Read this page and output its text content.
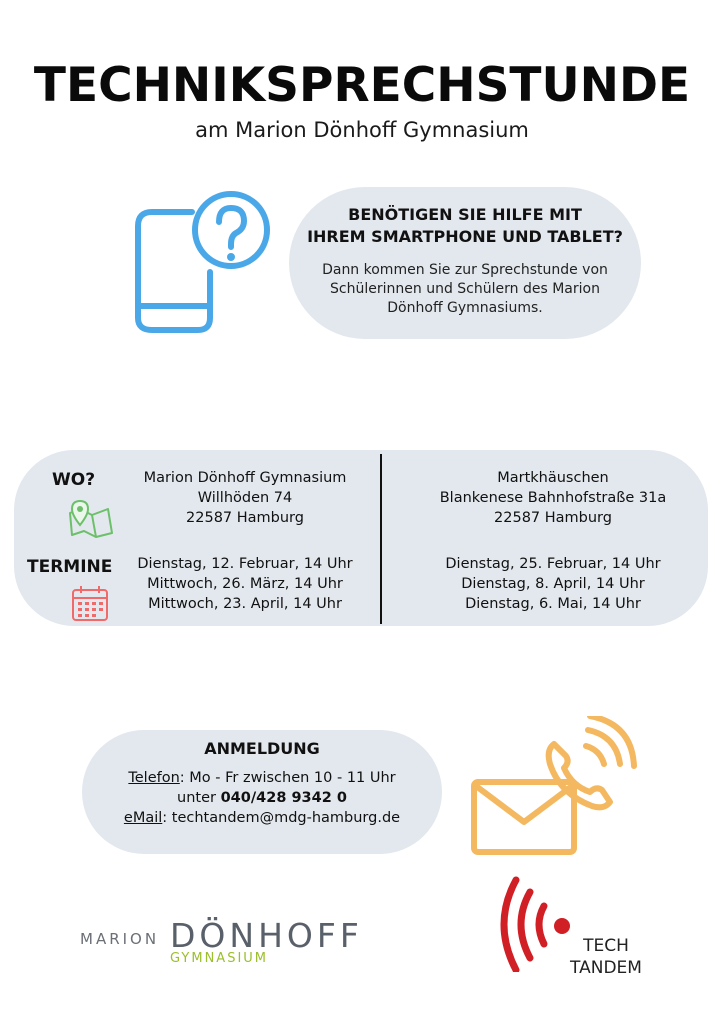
TECHNIKSPRECHSTUNDE
am Marion Dönhoff Gymnasium
BENÖTIGEN SIE HILFE MIT
IHREM SMARTPHONE UND TABLET?
Dann kommen Sie zur Sprechstunde von Schülerinnen und Schülern des Marion Dönhoff Gymnasiums.
WO?
TERMINE
Marion Dönhoff Gymnasium
Willhöden 74
22587 Hamburg
Martkhäuschen
Blankenese Bahnhofstraße 31a
22587 Hamburg
Dienstag, 12. Februar, 14 Uhr
Mittwoch, 26. März, 14 Uhr
Mittwoch, 23. April, 14 Uhr
Dienstag, 25. Februar, 14 Uhr
Dienstag, 8. April, 14 Uhr
Dienstag, 6. Mai, 14 Uhr
ANMELDUNG
Telefon: Mo - Fr zwischen 10 - 11 Uhr
unter 040/428 9342 0
eMail: techtandem@mdg-hamburg.de
MARION DÖNHOFF
GYMNASIUM
TECH
TANDEM
